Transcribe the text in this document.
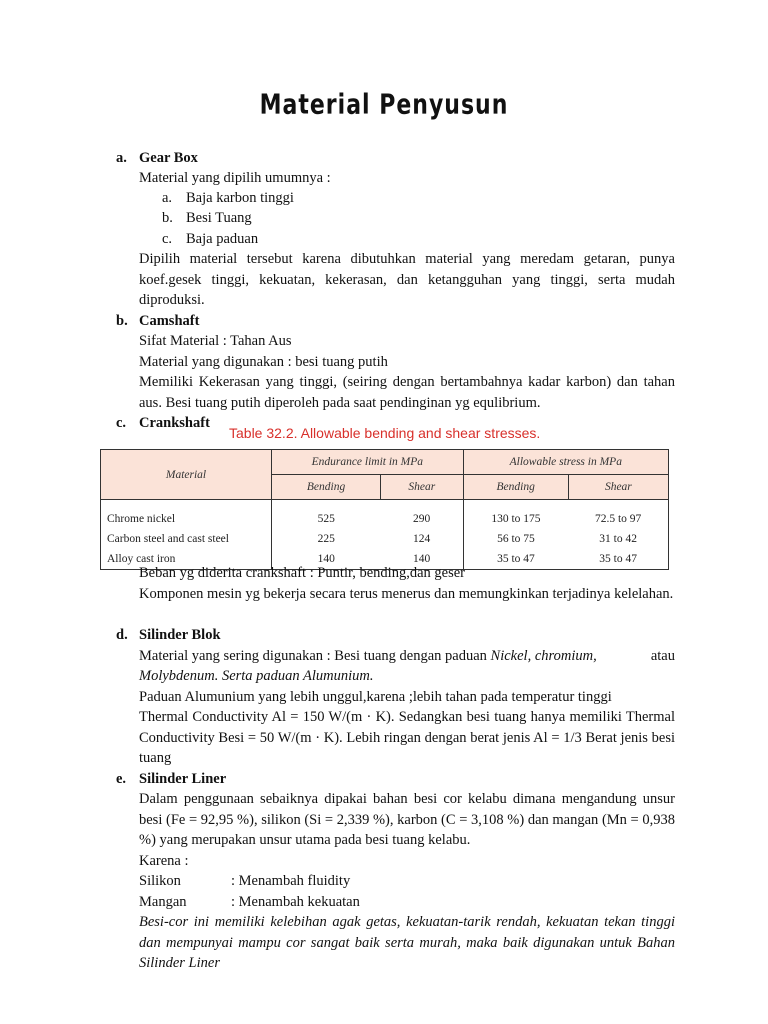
Material Penyusun
a. Gear Box
Material yang dipilih umumnya :
a. Baja karbon tinggi
b. Besi Tuang
c. Baja paduan
Dipilih material tersebut karena dibutuhkan material yang meredam getaran, punya koef.gesek tinggi, kekuatan, kekerasan, dan ketangguhan yang tinggi, serta mudah diproduksi.
b. Camshaft
Sifat Material : Tahan Aus
Material yang digunakan : besi tuang putih
Memiliki Kekerasan yang tinggi, (seiring dengan bertambahnya kadar karbon) dan tahan aus. Besi tuang putih diperoleh pada saat pendinginan yg equlibrium.
c. Crankshaft
Table 32.2. Allowable bending and shear stresses.
Material	Endurance limit in MPa		Allowable stress in MPa	
	Bending	Shear	Bending	Shear
Chrome nickel	525	290	130 to 175	72.5 to 97
Carbon steel and cast steel	225	124	56 to 75	31 to 42
Alloy cast iron	140	140	35 to 47	35 to 47
Beban yg diderita crankshaft : Puntir, bending,dan geser
Komponen mesin yg bekerja secara terus menerus dan memungkinkan terjadinya kelelahan.
d. Silinder Blok
Material yang sering digunakan : Besi tuang dengan paduan Nickel, chromium,	atau
Molybdenum. Serta paduan Alumunium.
Paduan Alumunium yang lebih unggul,karena ;lebih tahan pada temperatur tinggi
Thermal Conductivity Al = 150 W/(m · K). Sedangkan besi tuang hanya memiliki Thermal Conductivity Besi = 50 W/(m · K). Lebih ringan dengan berat jenis Al = 1/3 Berat jenis besi tuang
e. Silinder Liner
Dalam penggunaan sebaiknya dipakai bahan besi cor kelabu dimana mengandung unsur besi (Fe = 92,95 %), silikon (Si = 2,339 %), karbon (C = 3,108 %) dan mangan (Mn = 0,938 %) yang merupakan unsur utama pada besi tuang kelabu.
Karena :
Silikon	: Menambah fluidity
Mangan	: Menambah kekuatan
Besi-cor ini memiliki kelebihan agak getas, kekuatan-tarik rendah, kekuatan tekan tinggi dan mempunyai mampu cor sangat baik serta murah, maka baik digunakan untuk Bahan Silinder Liner
